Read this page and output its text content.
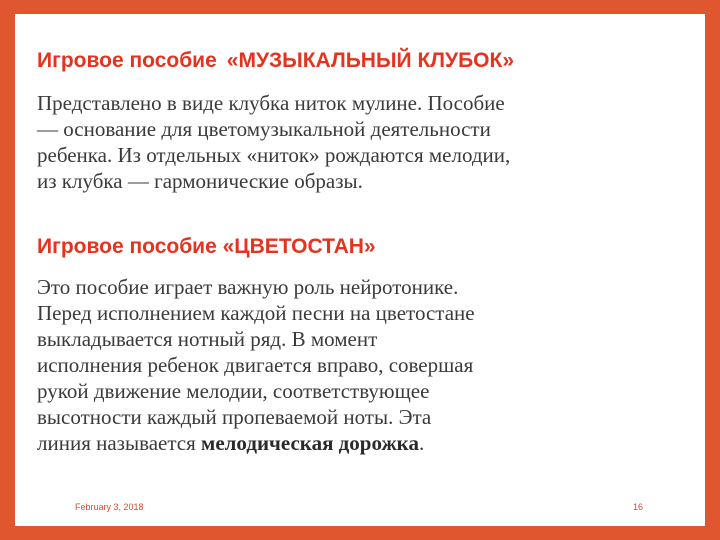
Игровое пособие «МУЗЫКАЛЬНЫЙ КЛУБОК»
Представлено в виде клубка ниток мулине. Пособие
— основание для цветомузыкальной деятельности
ребенка. Из отдельных «ниток» рождаются мелодии,
из клубка — гармонические образы.
Игровое пособие «ЦВЕТОСТАН»
Это пособие играет важную роль нейротонике.
Перед исполнением каждой песни на цветостане
выкладывается нотный ряд. В момент
исполнения ребенок двигается вправо, совершая
рукой движение мелодии, соответствующее
высотности каждый пропеваемой ноты. Эта
линия называется мелодическая дорожка.
February 3, 2018	16
